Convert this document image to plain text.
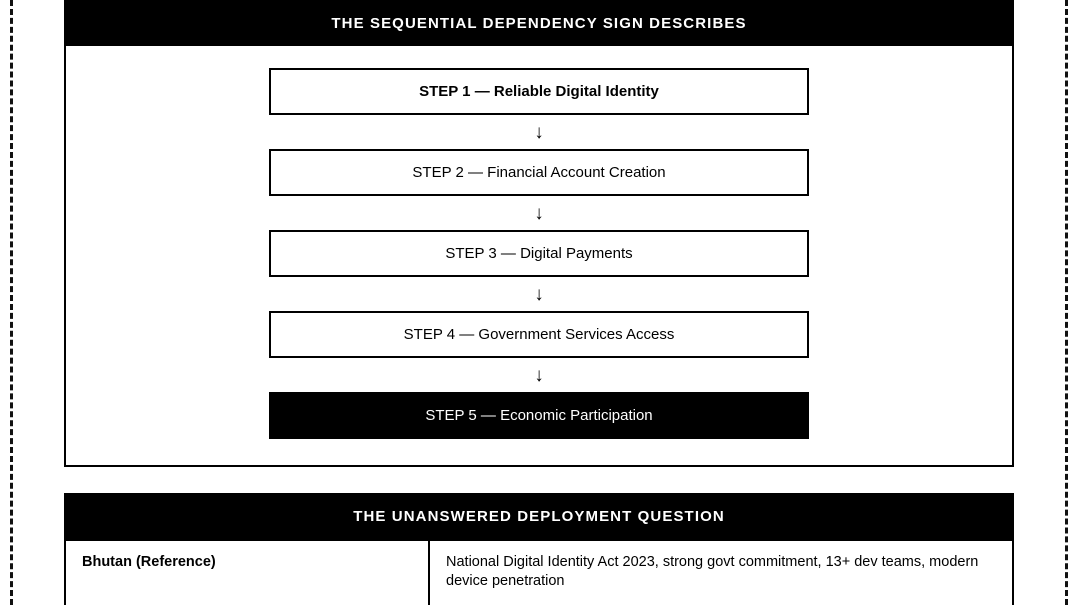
THE SEQUENTIAL DEPENDENCY SIGN DESCRIBES
STEP 1 — Reliable Digital Identity
↓
STEP 2 — Financial Account Creation
↓
STEP 3 — Digital Payments
↓
STEP 4 — Government Services Access
↓
STEP 5 — Economic Participation
THE UNANSWERED DEPLOYMENT QUESTION
Bhutan (Reference)	National Digital Identity Act 2023, strong govt commitment, 13+ dev teams, modern device penetration
